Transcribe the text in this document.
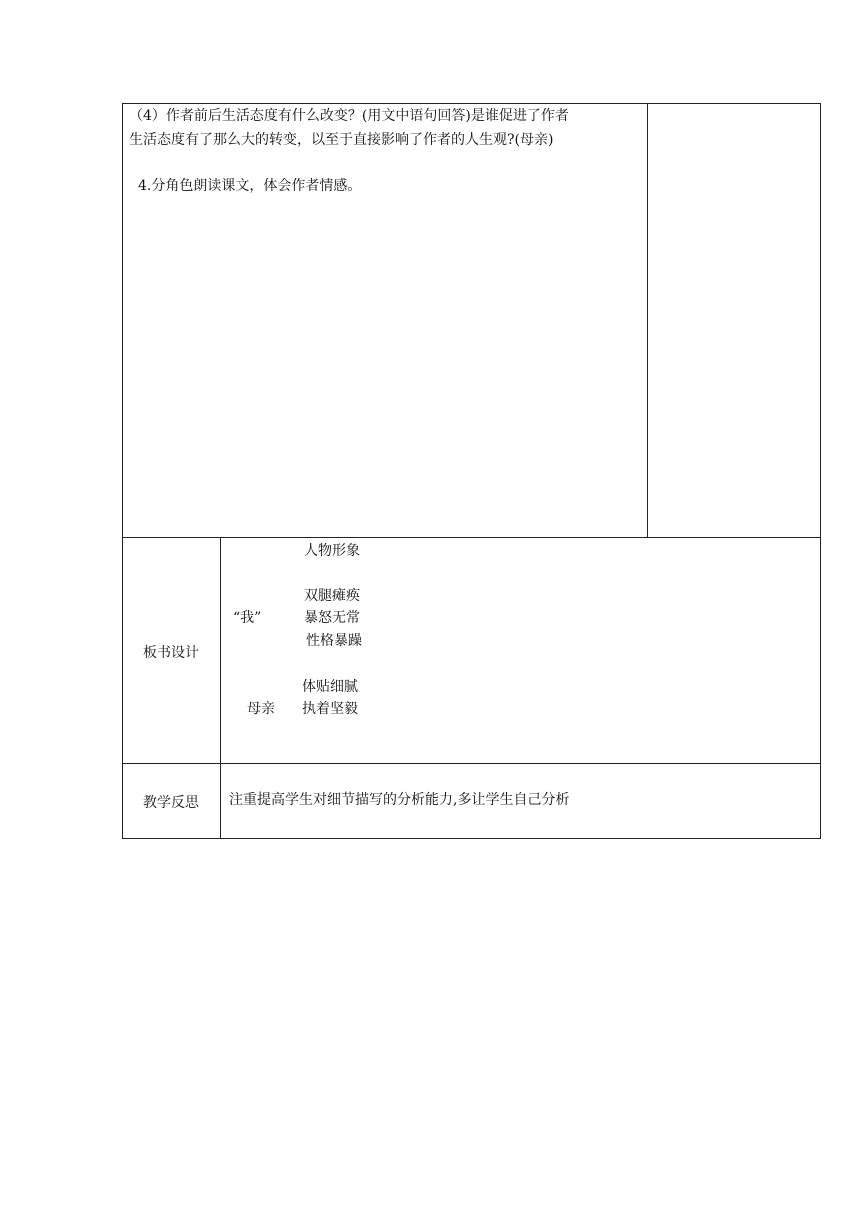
（4）作者前后生活态度有什么改变？(用文中语句回答)是谁促进了作者
生活态度有了那么大的转变，以至于直接影响了作者的人生观?(母亲)
4.分角色朗读课文，体会作者情感。
板书设计
人物形象
双腿瘫痪
“我”	暴怒无常
性格暴躁
体贴细腻
母亲 执着坚毅
教学反思 注重提高学生对细节描写的分析能力,多让学生自己分析
